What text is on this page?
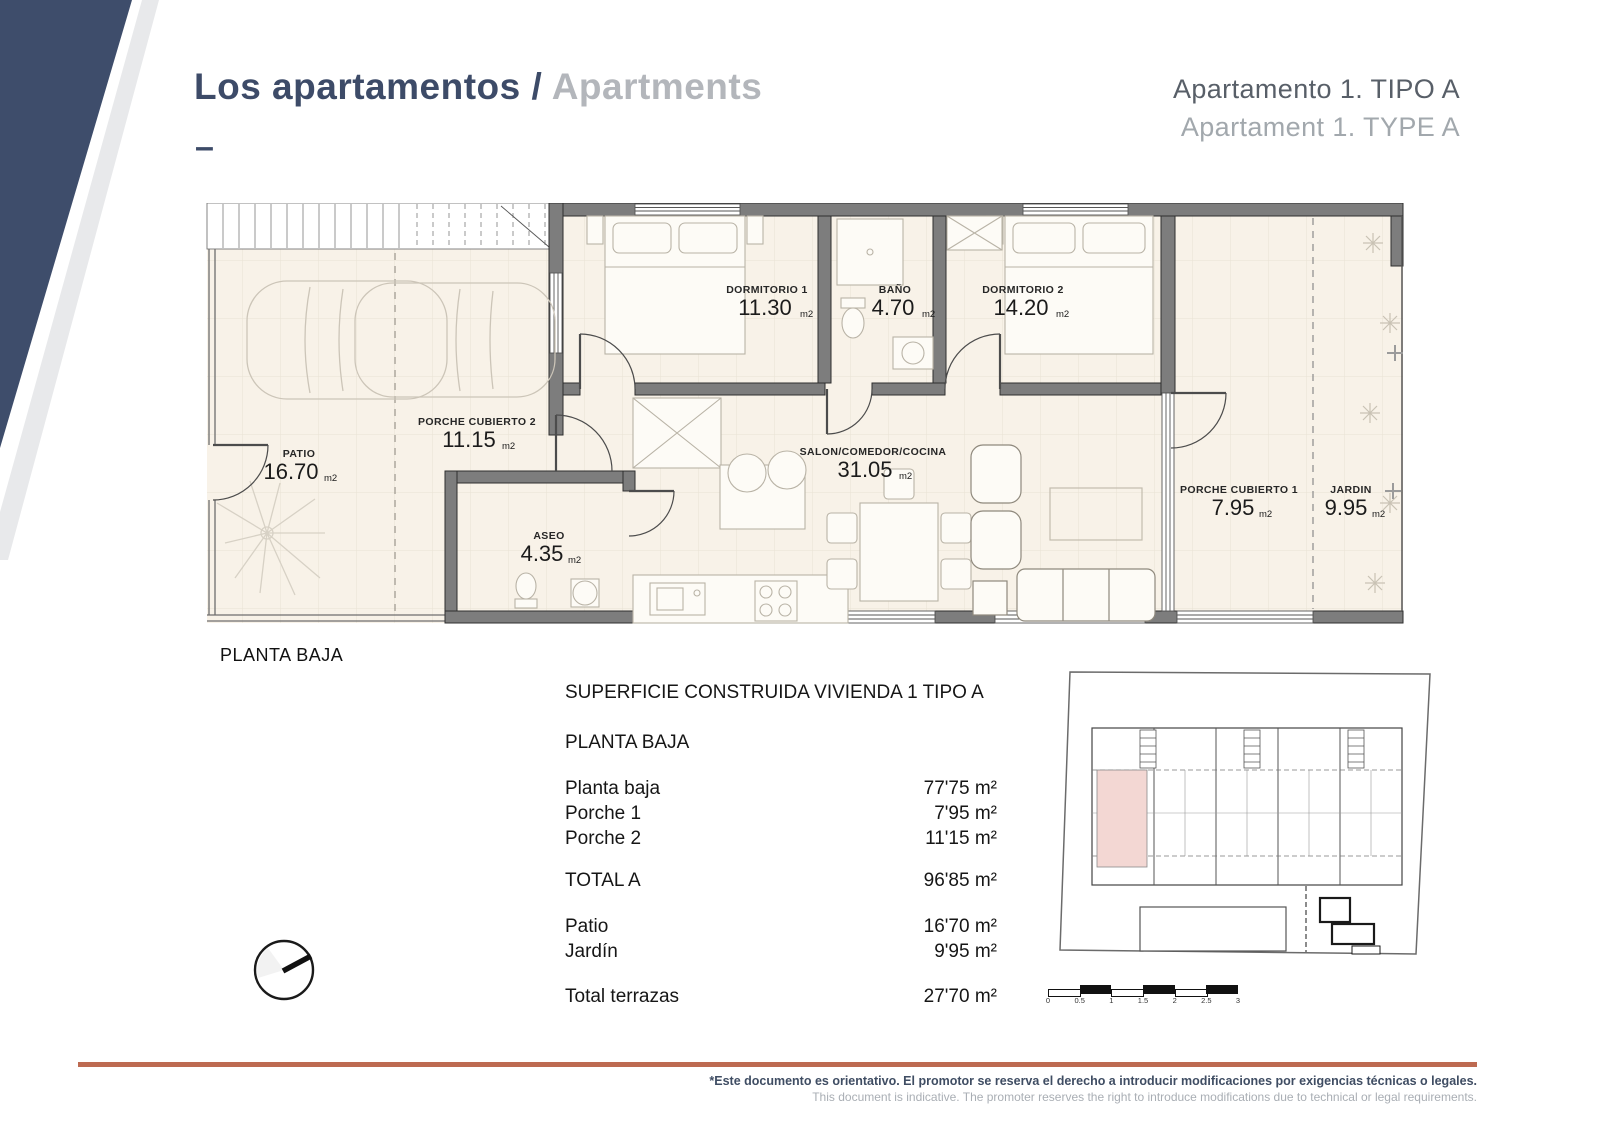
Los apartamentos / Apartments
–
Apartamento 1. TIPO A
Apartament 1. TYPE A
DORMITORIO 1
11.30 m2
BAÑO
4.70 m2
DORMITORIO 2
14.20 m2
PORCHE CUBIERTO 2
11.15 m2
PATIO
16.70 m2
ASEO
4.35 m2
SALON/COMEDOR/COCINA
31.05 m2
PORCHE CUBIERTO 1
7.95 m2
JARDIN
9.95 m2
PLANTA BAJA
SUPERFICIE CONSTRUIDA VIVIENDA 1 TIPO A
PLANTA BAJA
Planta baja	77'75 m²
Porche 1	7'95 m²
Porche 2	11'15 m²
TOTAL A	96'85 m²
Patio	16'70 m²
Jardín	9'95 m²
Total terrazas	27'70 m²	0	0.5	1	1.5	2	2.5	3
*Este documento es orientativo. El promotor se reserva el derecho a introducir modificaciones por exigencias técnicas o legales.
This document is indicative. The promoter reserves the right to introduce modifications due to technical or legal requirements.
